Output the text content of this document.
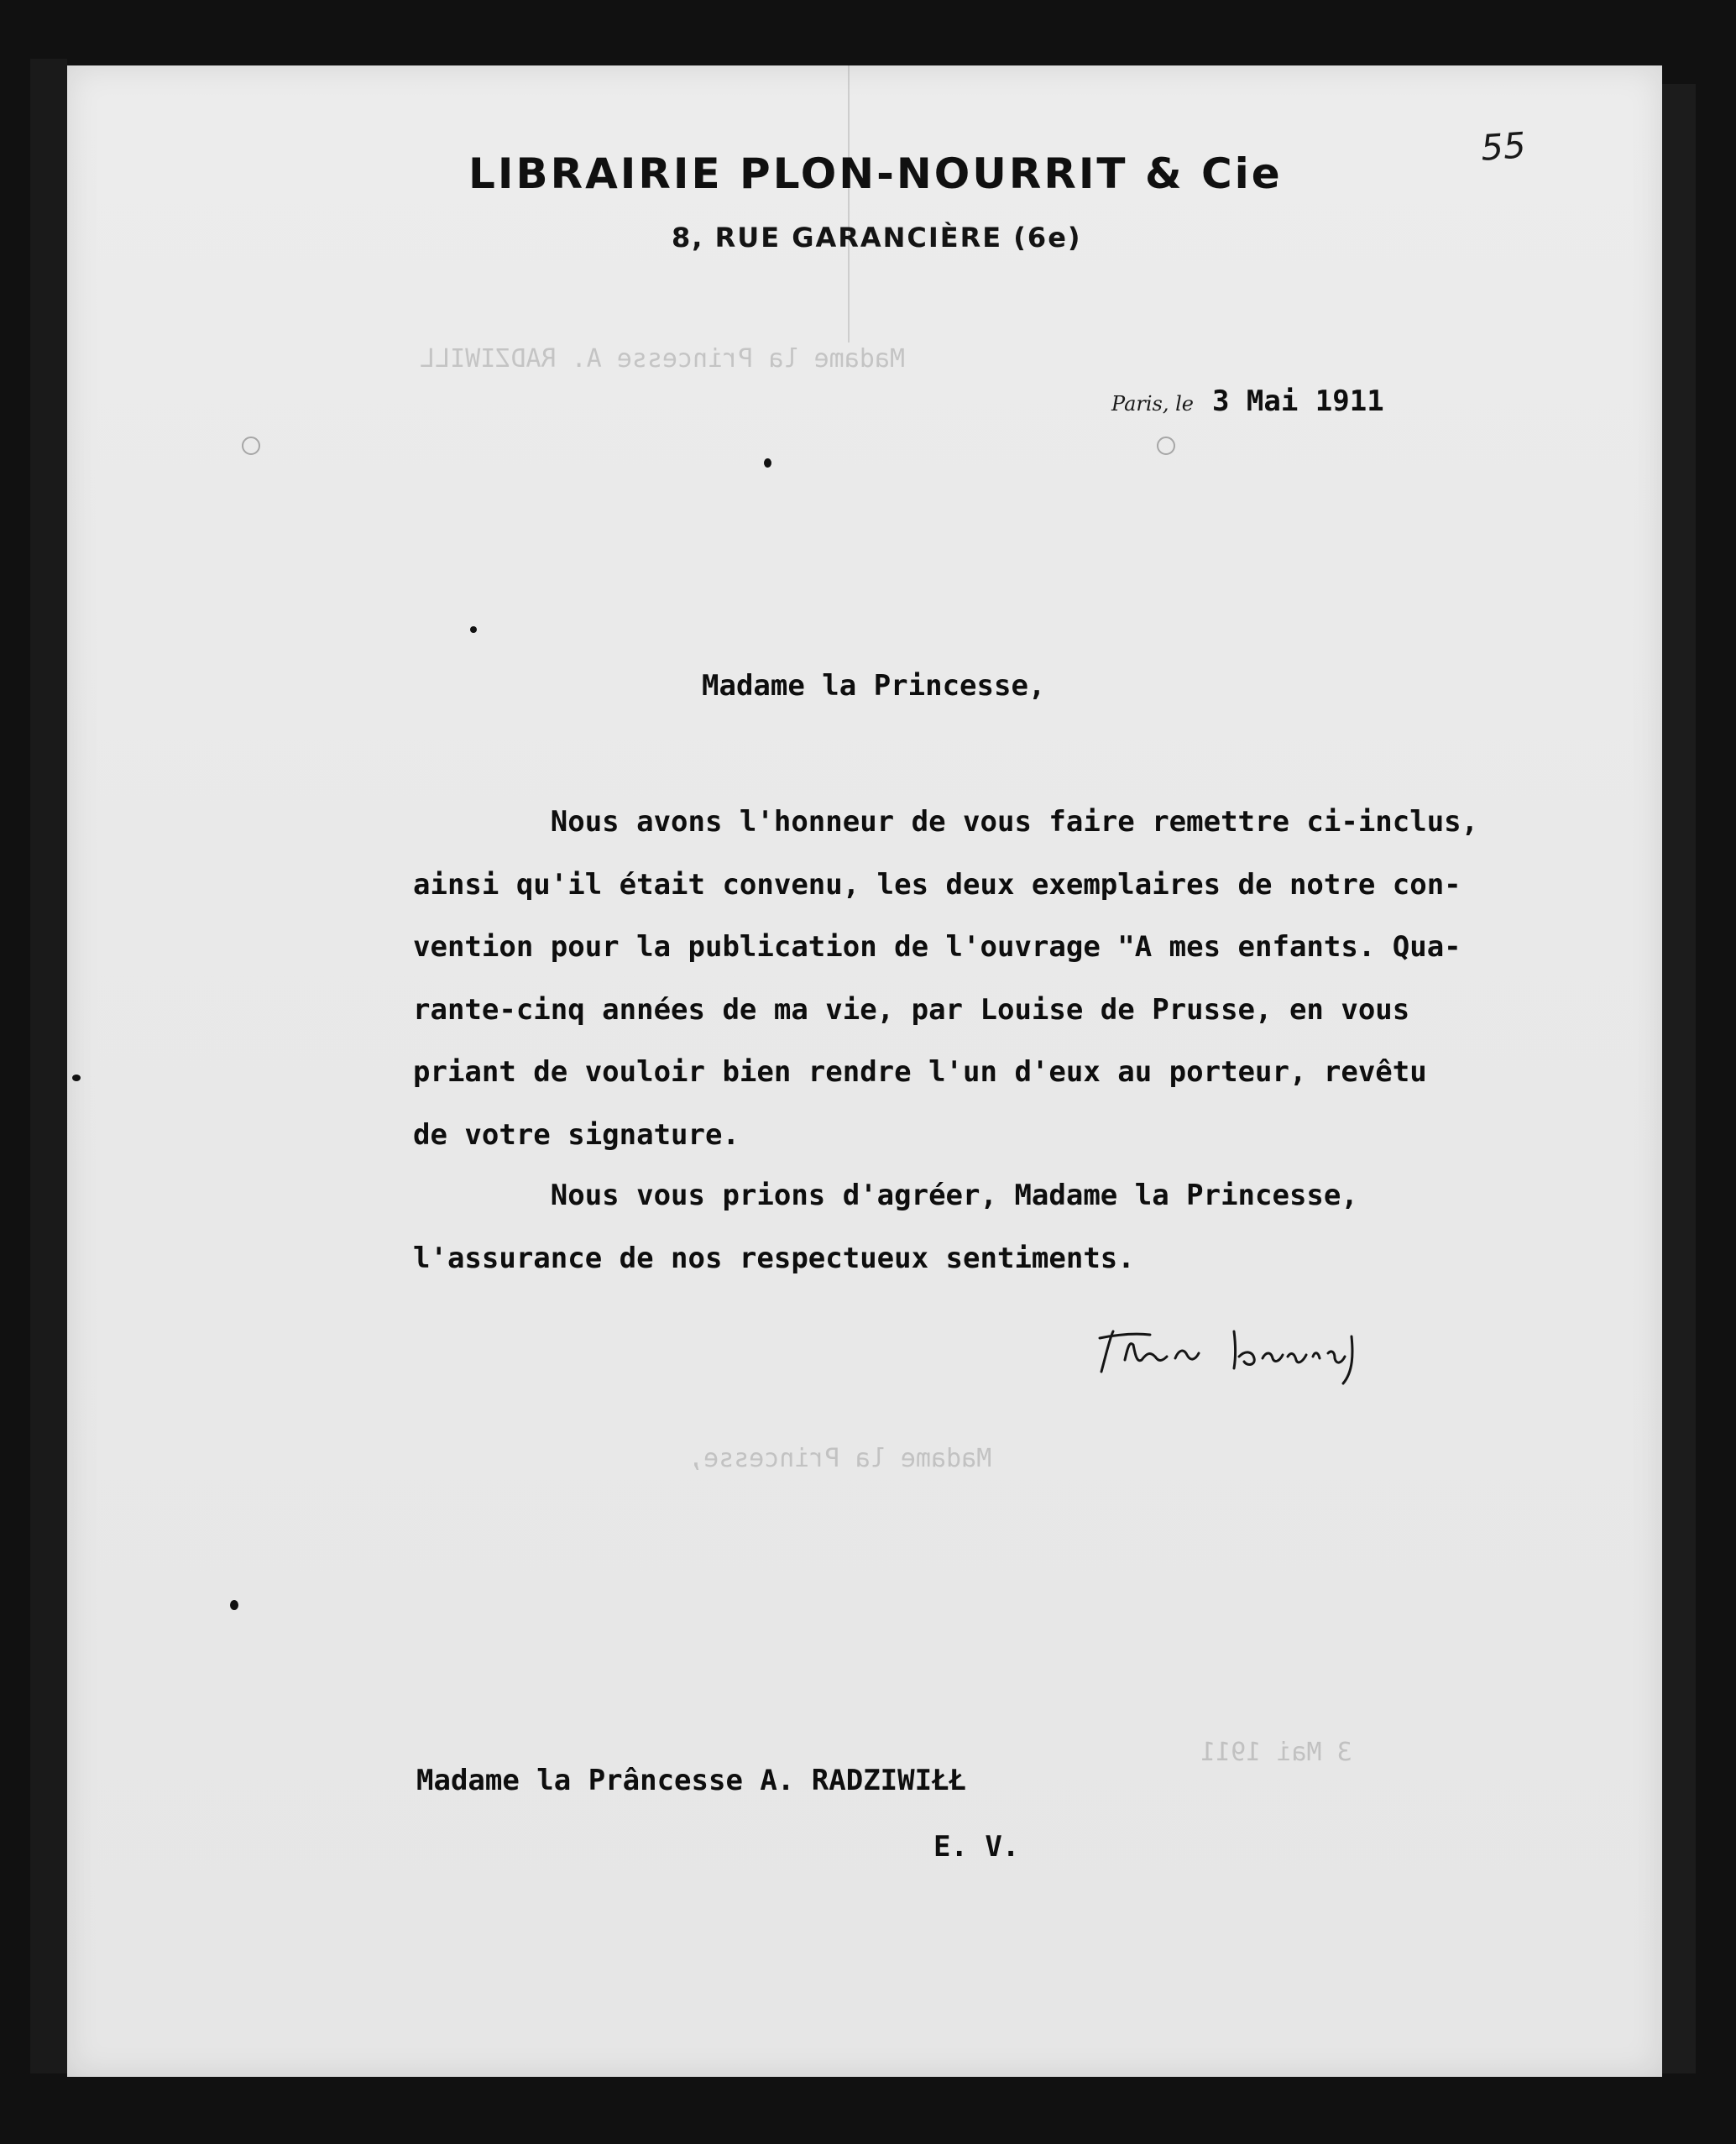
Madame la Princesse A. RADZIWILL
3 Mai 1911
Madame la Princesse,
LIBRAIRIE PLON-NOURRIT & Cie
8, RUE GARANCIÈRE (6e)
55
Paris, le 3 Mai 1911
Madame la Princesse,
Nous avons l'honneur de vous faire remettre ci-inclus,
ainsi qu'il était convenu, les deux exemplaires de notre con-
vention pour la publication de l'ouvrage "A mes enfants. Qua-
rante-cinq années de ma vie, par Louise de Prusse, en vous
priant de vouloir bien rendre l'un d'eux au porteur, revêtu
de votre signature.
Nous vous prions d'agréer, Madame la Princesse,
l'assurance de nos respectueux sentiments.
Madame la Prâncesse A. RADZIWIŁŁ
E. V.
